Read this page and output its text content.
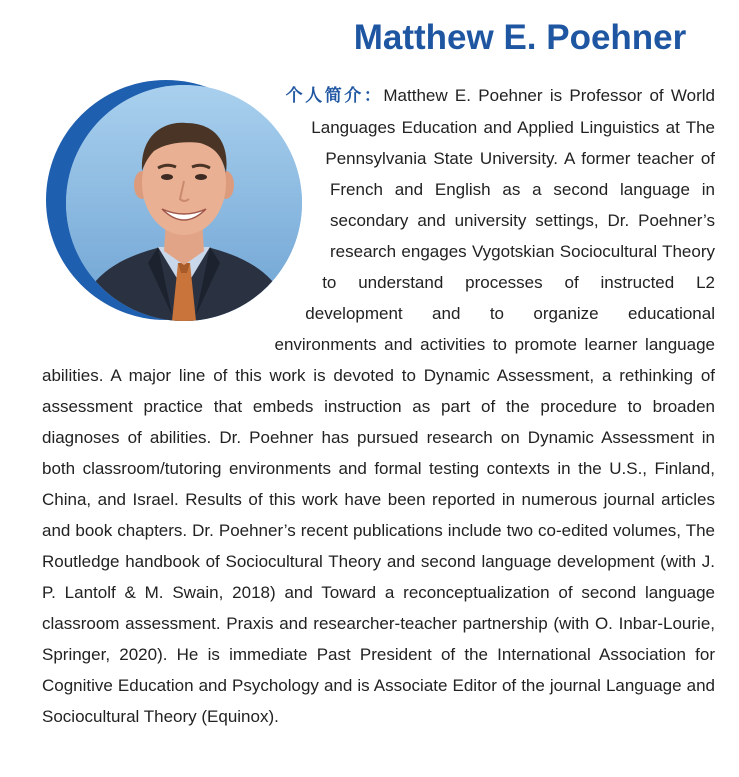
Matthew E. Poehner

个人简介：Matthew E. Poehner is Professor of World Languages Education and Applied Linguistics at The Pennsylvania State University. A former teacher of French and English as a second language in secondary and university settings, Dr. Poehner’s research engages Vygotskian Sociocultural Theory to understand processes of instructed L2 development and to organize educational environments and activities to promote learner language abilities. A major line of this work is devoted to Dynamic Assessment, a rethinking of assessment practice that embeds instruction as part of the procedure to broaden diagnoses of abilities. Dr. Poehner has pursued research on Dynamic Assessment in both classroom/tutoring environments and formal testing contexts in the U.S., Finland, China, and Israel. Results of this work have been reported in numerous journal articles and book chapters. Dr. Poehner’s recent publications include two co-edited volumes, The Routledge handbook of Sociocultural Theory and second language development (with J. P. Lantolf & M. Swain, 2018) and Toward a reconceptualization of second language classroom assessment. Praxis and researcher-teacher partnership (with O. Inbar-Lourie, Springer, 2020). He is immediate Past President of the International Association for Cognitive Education and Psychology and is Associate Editor of the journal Language and Sociocultural Theory (Equinox).
